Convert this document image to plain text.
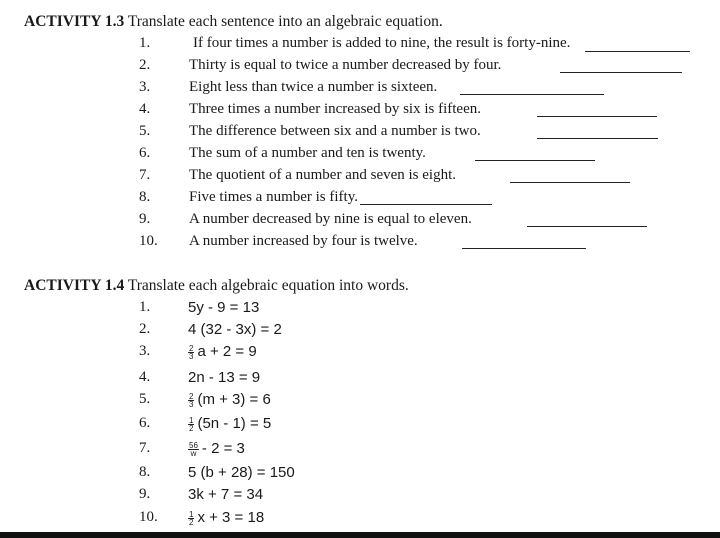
ACTIVITY 1.3 Translate each sentence into an algebraic equation.
1.	If four times a number is added to nine, the result is forty-nine.
2.	Thirty is equal to twice a number decreased by four.
3.	Eight less than twice a number is sixteen.
4.	Three times a number increased by six is fifteen.
5.	The difference between six and a number is two.
6.	The sum of a number and ten is twenty.
7.	The quotient of a number and seven is eight.
8.	Five times a number is fifty.
9.	A number decreased by nine is equal to eleven.
10.	A number increased by four is twelve.
ACTIVITY 1.4 Translate each algebraic equation into words.
1.	5y - 9 = 13
2.	4 (32 - 3x) = 2
3.	$\frac{2}{3}$ a + 2 = 9
4.	2n - 13 = 9
5.	$\frac{2}{3} (m + 3) = 6$
6.	$\frac{1}{2} (5n - 1) = 5$
7.	$\frac{56}{w} - 2 = 3$
8.	5 (b + 28) = 150
9.	3k + 7 = 34
10.	$\frac{1}{2}$ x + 3 = 18
